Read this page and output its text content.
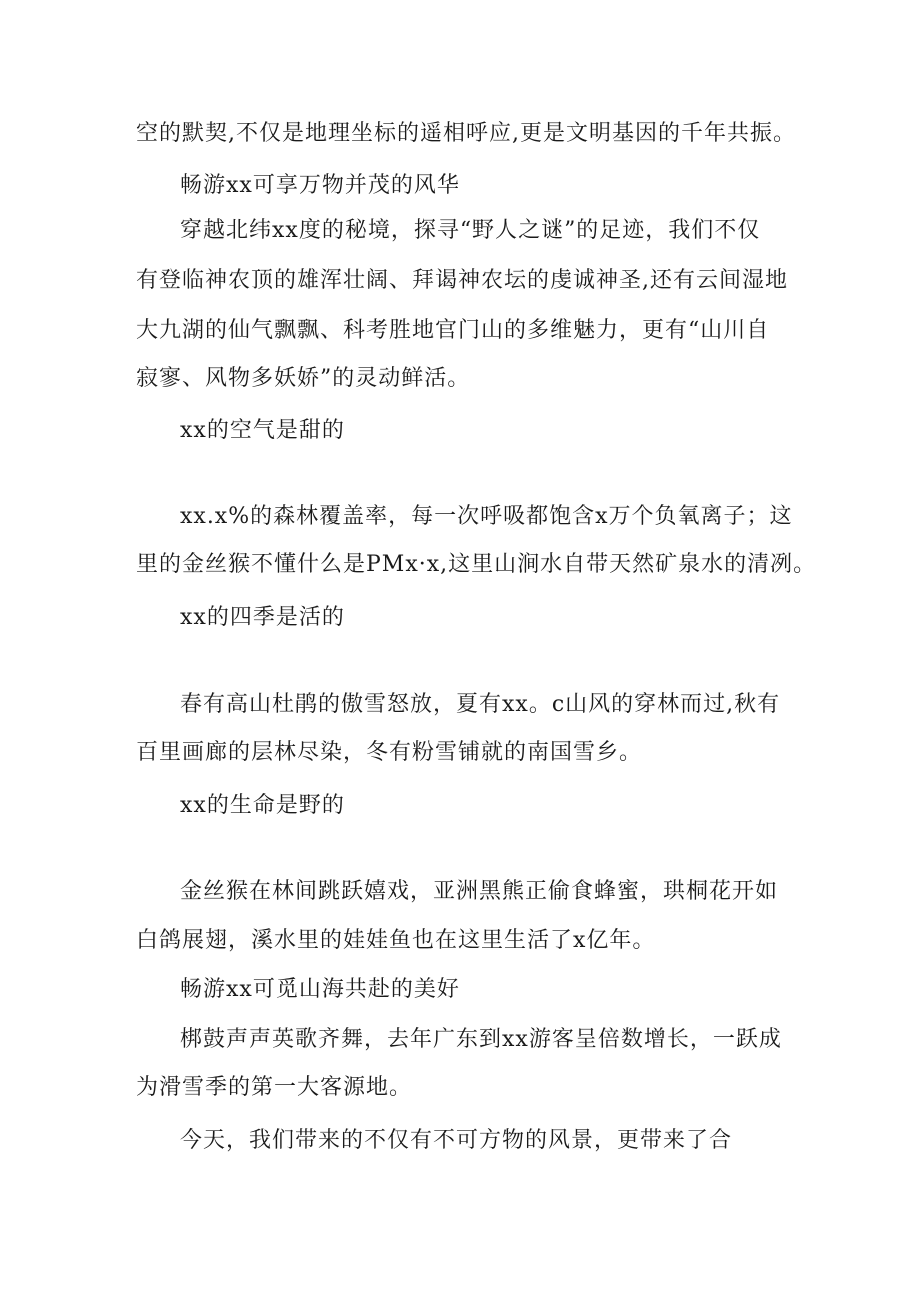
空的默契,不仅是地理坐标的遥相呼应,更是文明基因的千年共振。

畅游xx可享万物并茂的风华

穿越北纬xx度的秘境，探寻“野人之谜”的足迹，我们不仅

有登临神农顶的雄浑壮阔、拜谒神农坛的虔诚神圣,还有云间湿地

大九湖的仙气飘飘、科考胜地官门山的多维魅力，更有“山川自

寂寥、风物多妖娇”的灵动鲜活。

xx的空气是甜的

xx.x%的森林覆盖率，每一次呼吸都饱含x万个负氧离子；这

里的金丝猴不懂什么是PMx·x,这里山涧水自带天然矿泉水的清冽。

xx的四季是活的

春有高山杜鹃的傲雪怒放，夏有xx。c山风的穿林而过,秋有

百里画廊的层林尽染，冬有粉雪铺就的南国雪乡。

xx的生命是野的

金丝猴在林间跳跃嬉戏，亚洲黑熊正偷食蜂蜜，珙桐花开如

白鸽展翅，溪水里的娃娃鱼也在这里生活了x亿年。

畅游xx可觅山海共赴的美好

梆鼓声声英歌齐舞，去年广东到xx游客呈倍数增长，一跃成

为滑雪季的第一大客源地。

今天，我们带来的不仅有不可方物的风景，更带来了合
